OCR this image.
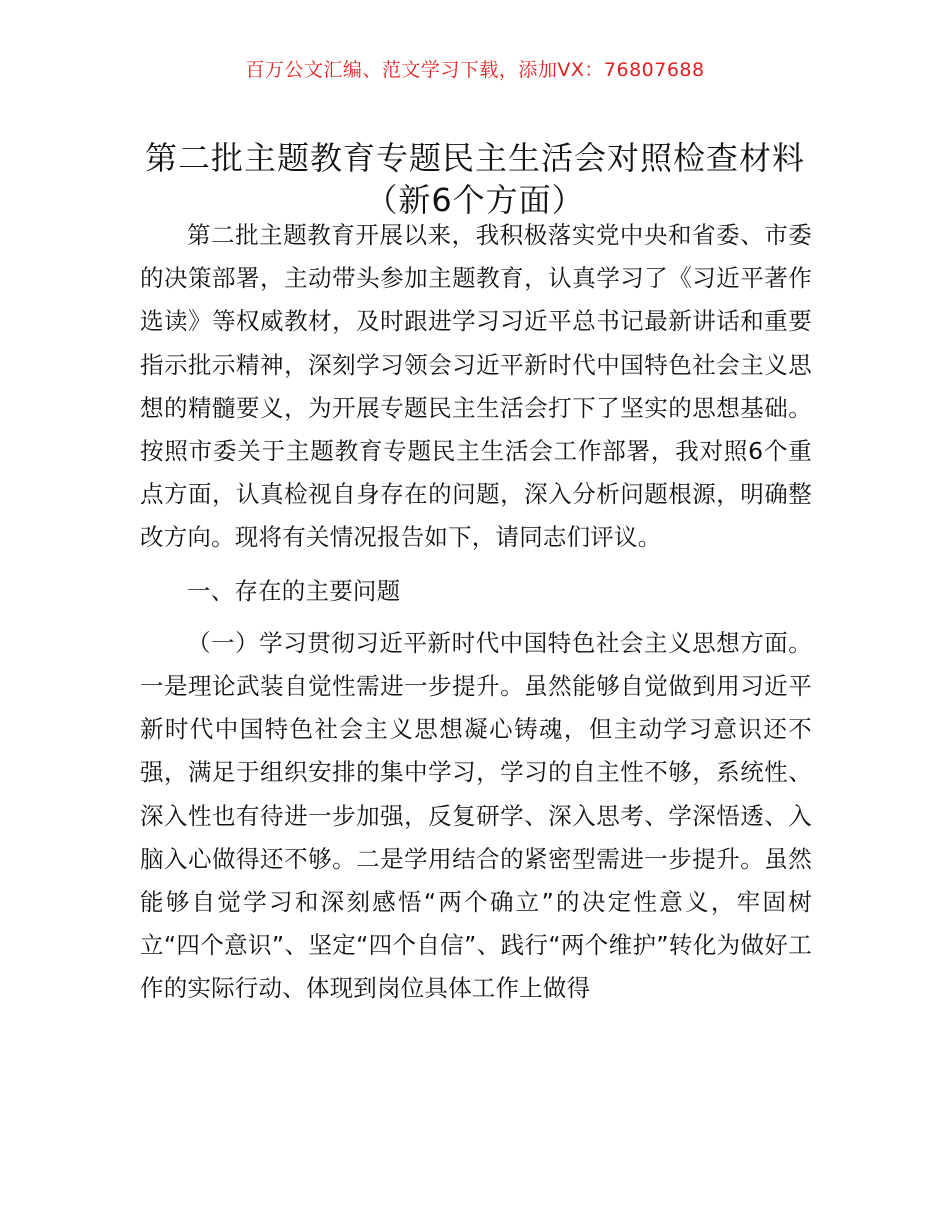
百万公文汇编、范文学习下载，添加VX：76807688
第二批主题教育专题民主生活会对照检查材料
（新6个方面）

第二批主题教育开展以来，我积极落实党中央和省委、市委的决策部署，主动带头参加主题教育，认真学习了《习近平著作选读》等权威教材，及时跟进学习习近平总书记最新讲话和重要指示批示精神，深刻学习领会习近平新时代中国特色社会主义思想的精髓要义，为开展专题民主生活会打下了坚实的思想基础。按照市委关于主题教育专题民主生活会工作部署，我对照6个重点方面，认真检视自身存在的问题，深入分析问题根源，明确整改方向。现将有关情况报告如下，请同志们评议。

一、存在的主要问题

（一）学习贯彻习近平新时代中国特色社会主义思想方面。一是理论武装自觉性需进一步提升。虽然能够自觉做到用习近平新时代中国特色社会主义思想凝心铸魂，但主动学习意识还不强，满足于组织安排的集中学习，学习的自主性不够，系统性、深入性也有待进一步加强，反复研学、深入思考、学深悟透、入脑入心做得还不够。二是学用结合的紧密型需进一步提升。虽然能够自觉学习和深刻感悟“两个确立”的决定性意义，牢固树立“四个意识”、坚定“四个自信”、践行“两个维护”转化为做好工作的实际行动、体现到岗位具体工作上做得
